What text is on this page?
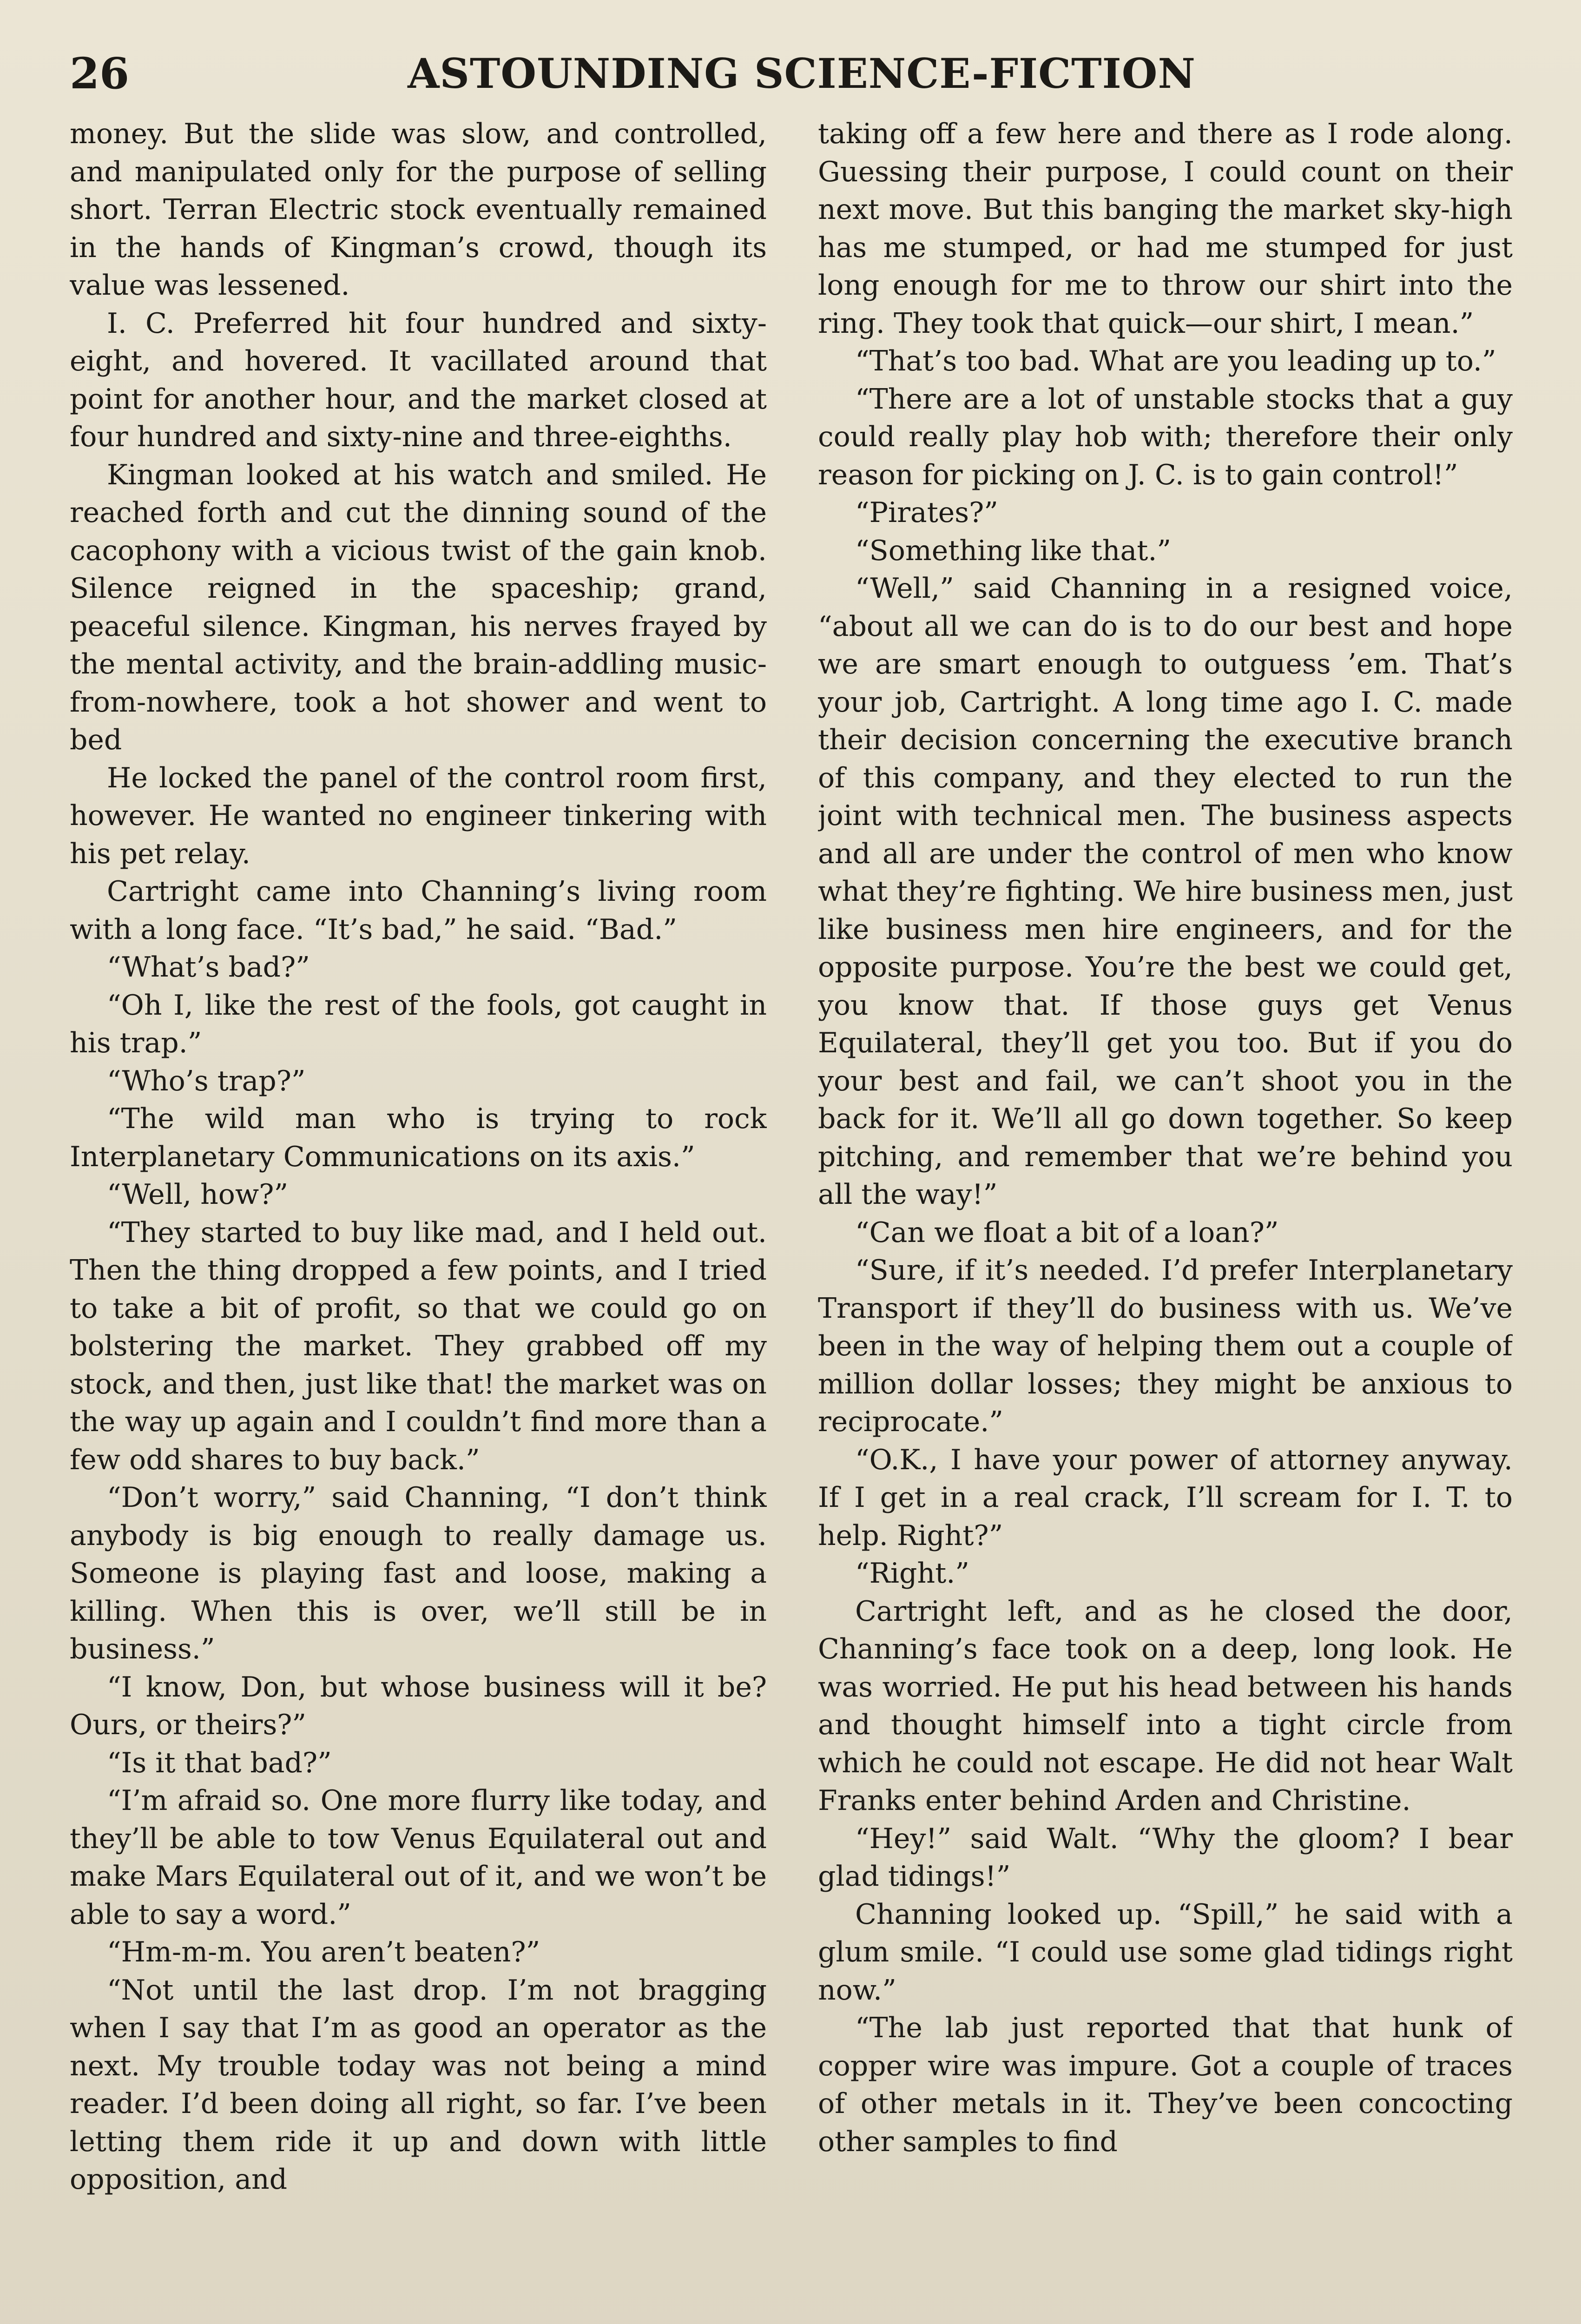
26	ASTOUNDING SCIENCE-FICTION

money. But the slide was slow, and controlled, and manipulated only for the purpose of selling short. Terran Electric stock eventually remained in the hands of Kingman’s crowd, though its value was lessened.

I. C. Preferred hit four hundred and sixty-eight, and hovered. It vacillated around that point for another hour, and the market closed at four hundred and sixty-nine and three-eighths.

Kingman looked at his watch and smiled. He reached forth and cut the dinning sound of the cacophony with a vicious twist of the gain knob. Silence reigned in the spaceship; grand, peaceful silence. Kingman, his nerves frayed by the mental activity, and the brain-addling music-from-nowhere, took a hot shower and went to bed

He locked the panel of the control room first, however. He wanted no engineer tinkering with his pet relay.

Cartright came into Channing’s living room with a long face. “It’s bad,” he said. “Bad.”

“What’s bad?”

“Oh I, like the rest of the fools, got caught in his trap.”

“Who’s trap?”

“The wild man who is trying to rock Interplanetary Communications on its axis.”

“Well, how?”

“They started to buy like mad, and I held out. Then the thing dropped a few points, and I tried to take a bit of profit, so that we could go on bolstering the market. They grabbed off my stock, and then, just like that! the market was on the way up again and I couldn’t find more than a few odd shares to buy back.”

“Don’t worry,” said Channing, “I don’t think anybody is big enough to really damage us. Someone is playing fast and loose, making a killing. When this is over, we’ll still be in business.”

“I know, Don, but whose business will it be? Ours, or theirs?”

“Is it that bad?”

“I’m afraid so. One more flurry like today, and they’ll be able to tow Venus Equilateral out and make Mars Equilateral out of it, and we won’t be able to say a word.”

“Hm-m-m. You aren’t beaten?”

“Not until the last drop. I’m not bragging when I say that I’m as good an operator as the next. My trouble today was not being a mind reader. I’d been doing all right, so far. I’ve been letting them ride it up and down with little opposition, and

taking off a few here and there as I rode along. Guessing their purpose, I could count on their next move. But this banging the market sky-high has me stumped, or had me stumped for just long enough for me to throw our shirt into the ring. They took that quick—our shirt, I mean.”

“That’s too bad. What are you leading up to.”

“There are a lot of unstable stocks that a guy could really play hob with; therefore their only reason for picking on J. C. is to gain control!”

“Pirates?”

“Something like that.”

“Well,” said Channing in a resigned voice, “about all we can do is to do our best and hope we are smart enough to outguess ’em. That’s your job, Cartright. A long time ago I. C. made their decision concerning the executive branch of this company, and they elected to run the joint with technical men. The business aspects and all are under the control of men who know what they’re fighting. We hire business men, just like business men hire engineers, and for the opposite purpose. You’re the best we could get, you know that. If those guys get Venus Equilateral, they’ll get you too. But if you do your best and fail, we can’t shoot you in the back for it. We’ll all go down together. So keep pitching, and remember that we’re behind you all the way!”

“Can we float a bit of a loan?”

“Sure, if it’s needed. I’d prefer Interplanetary Transport if they’ll do business with us. We’ve been in the way of helping them out a couple of million dollar losses; they might be anxious to reciprocate.”

“O.K., I have your power of attorney anyway. If I get in a real crack, I’ll scream for I. T. to help. Right?”

“Right.”

Cartright left, and as he closed the door, Channing’s face took on a deep, long look. He was worried. He put his head between his hands and thought himself into a tight circle from which he could not escape. He did not hear Walt Franks enter behind Arden and Christine.

“Hey!” said Walt. “Why the gloom? I bear glad tidings!”

Channing looked up. “Spill,” he said with a glum smile. “I could use some glad tidings right now.”

“The lab just reported that that hunk of copper wire was impure. Got a couple of traces of other metals in it. They’ve been concocting other samples to find
